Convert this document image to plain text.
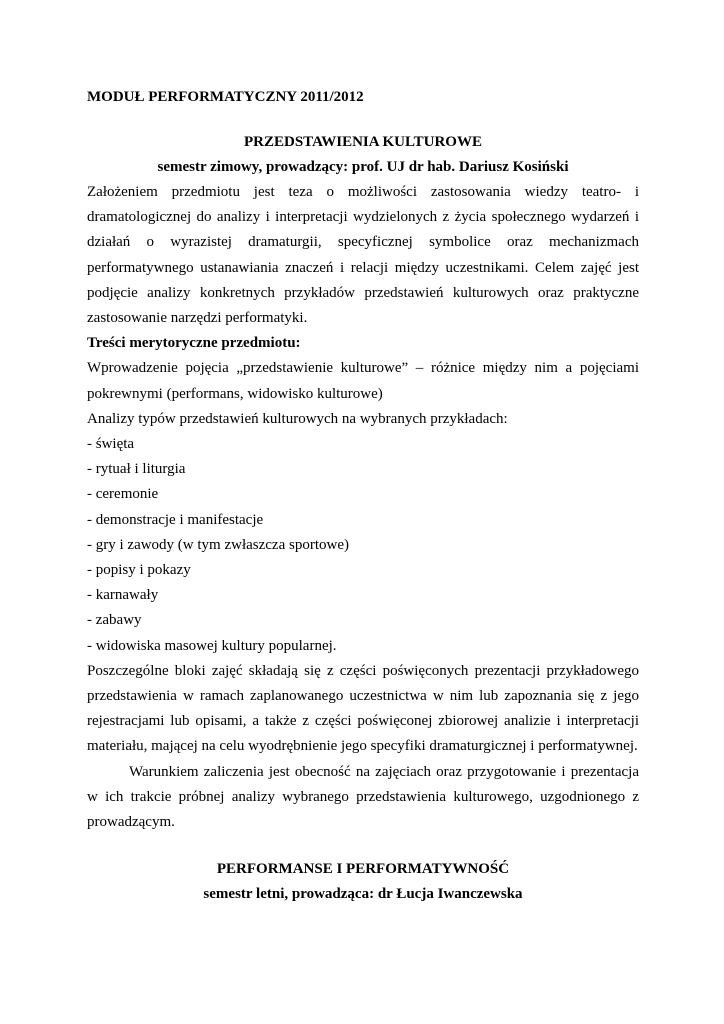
MODUŁ PERFORMATYCZNY 2011/2012

PRZEDSTAWIENIA KULTUROWE

semestr zimowy, prowadzący: prof. UJ dr hab. Dariusz Kosiński

Założeniem przedmiotu jest teza o możliwości zastosowania wiedzy teatro- i dramatologicznej do analizy i interpretacji wydzielonych z życia społecznego wydarzeń i działań o wyrazistej dramaturgii, specyficznej symbolice oraz mechanizmach performatywnego ustanawiania znaczeń i relacji między uczestnikami. Celem zajęć jest podjęcie analizy konkretnych przykładów przedstawień kulturowych oraz praktyczne zastosowanie narzędzi performatyki.

Treści merytoryczne przedmiotu:

Wprowadzenie pojęcia „przedstawienie kulturowe” – różnice między nim a pojęciami pokrewnymi (performans, widowisko kulturowe)

Analizy typów przedstawień kulturowych na wybranych przykładach:

- święta
- rytuał i liturgia
- ceremonie
- demonstracje i manifestacje
- gry i zawody (w tym zwłaszcza sportowe)
- popisy i pokazy
- karnawały
- zabawy
- widowiska masowej kultury popularnej.

Poszczególne bloki zajęć składają się z części poświęconych prezentacji przykładowego przedstawienia w ramach zaplanowanego uczestnictwa w nim lub zapoznania się z jego rejestracjami lub opisami, a także z części poświęconej zbiorowej analizie i interpretacji materiału, mającej na celu wyodrębnienie jego specyfiki dramaturgicznej i performatywnej.

Warunkiem zaliczenia jest obecność na zajęciach oraz przygotowanie i prezentacja w ich trakcie próbnej analizy wybranego przedstawienia kulturowego, uzgodnionego z prowadzącym.

PERFORMANSE I PERFORMATYWNOŚĆ

semestr letni, prowadząca: dr Łucja Iwanczewska
